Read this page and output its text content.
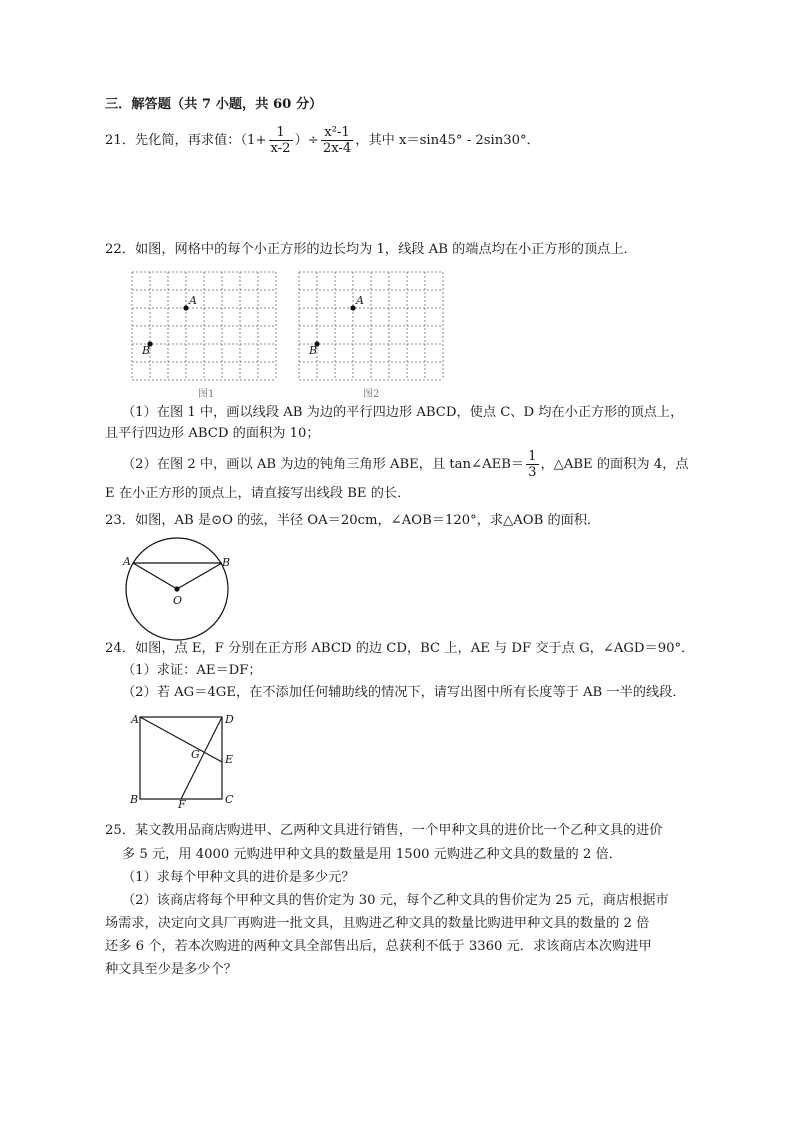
三．解答题（共 7 小题，共 60 分）
21．先化简，再求值：（$1+ \frac{1}{x-2}$ ）÷ $\frac{\text{x²-1}}{2x-4}$ ，其中 x＝sin45° - 2sin30°．
22．如图，网格中的每个小正方形的边长均为 1，线段 AB 的端点均在小正方形的顶点上．
A
B
图1
A
B
图2
（1）在图 1 中，画以线段 AB 为边的平行四边形 ABCD，使点 C、D 均在小正方形的顶点上，
且平行四边形 ABCD 的面积为 10；
（2）在图 2 中，画以 AB 为边的钝角三角形 ABE，且 tan∠AEB＝ $\frac{1}{3}$ ，△ABE 的面积为 4，点
E 在小正方形的顶点上，请直接写出线段 BE 的长．
23．如图，AB 是⊙O 的弦，半径 OA＝20cm，∠AOB＝120°，求△AOB 的面积．
A	B
O
24．如图，点 E，F 分别在正方形 ABCD 的边 CD，BC 上，AE 与 DF 交于点 G，∠AGD＝90°．
（1）求证：AE＝DF；
（2）若 AG＝4GE，在不添加任何辅助线的情况下，请写出图中所有长度等于 AB 一半的线段．
A	D
E
G
B	F	C
25．某文教用品商店购进甲、乙两种文具进行销售，一个甲种文具的进价比一个乙种文具的进价
多 5 元，用 4000 元购进甲种文具的数量是用 1500 元购进乙种文具的数量的 2 倍．
（1）求每个甲种文具的进价是多少元？
（2）该商店将每个甲种文具的售价定为 30 元，每个乙种文具的售价定为 25 元，商店根据市
场需求，决定向文具厂再购进一批文具，且购进乙种文具的数量比购进甲种文具的数量的 2 倍
还多 6 个，若本次购进的两种文具全部售出后，总获利不低于 3360 元．求该商店本次购进甲
种文具至少是多少个？
